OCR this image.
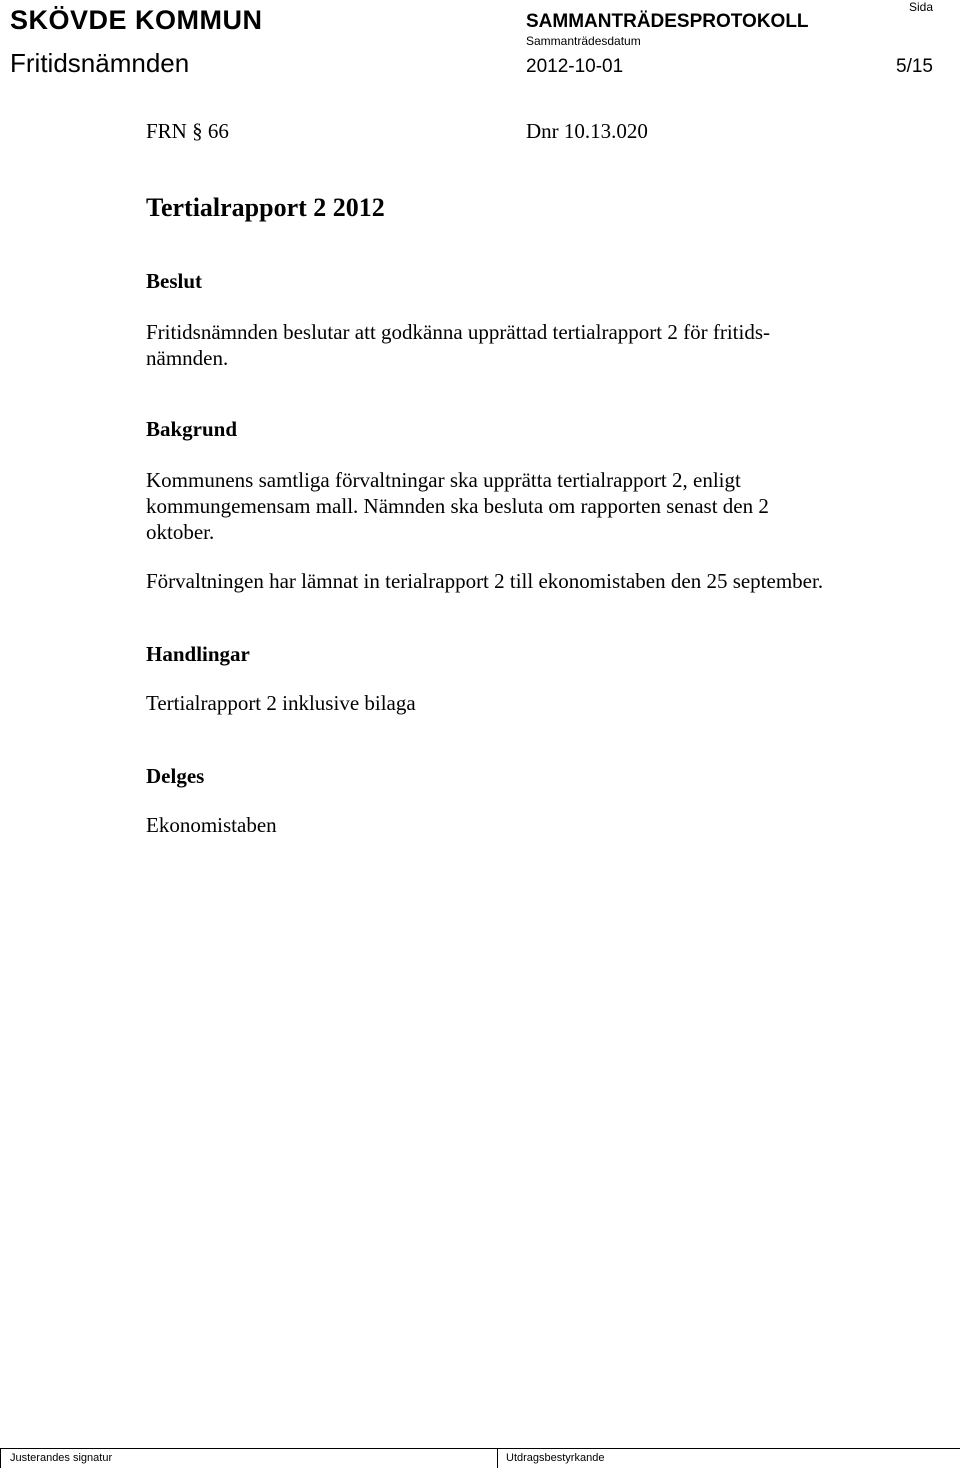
SKÖVDE KOMMUN
Fritidsnämnden
SAMMANTRÄDESPROTOKOLL
Sammanträdesdatum
2012-10-01
Sida
5/15
FRN § 66	Dnr 10.13.020
Tertialrapport 2 2012
Beslut

Fritidsnämnden beslutar att godkänna upprättad tertialrapport 2 för fritids-nämnden.

Bakgrund

Kommunens samtliga förvaltningar ska upprätta tertialrapport 2, enligt kommungemensam mall. Nämnden ska besluta om rapporten senast den 2 oktober.

Förvaltningen har lämnat in terialrapport 2 till ekonomistaben den 25 september.

Handlingar

Tertialrapport 2 inklusive bilaga

Delges

Ekonomistaben

Justerandes signatur	Utdragsbestyrkande
